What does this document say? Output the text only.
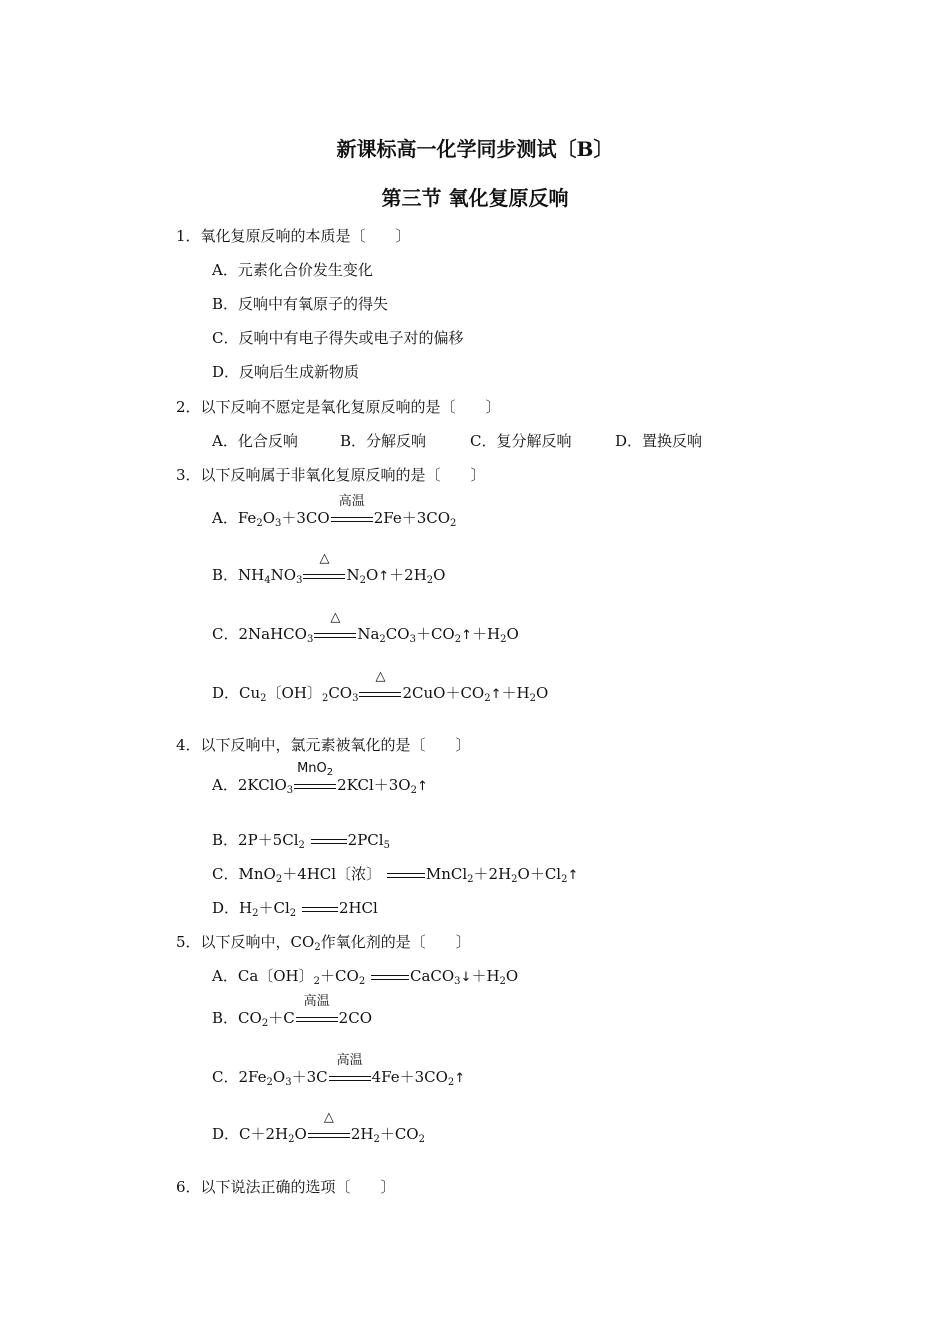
新课标高一化学同步测试〔B〕
第三节 氧化复原反响
1．氧化复原反响的本质是〔　　〕
A．元素化合价发生变化
B．反响中有氧原子的得失
C．反响中有电子得失或电子对的偏移
D．反响后生成新物质
2．以下反响不愿定是氧化复原反响的是〔　　〕
A．化合反响	B．分解反响	C．复分解反响	D．置换反响
3．以下反响属于非氧化复原反响的是〔　　〕
A．$Fe_2O_3+3CO$
高温
$2Fe+3CO_2$
B．$NH_4NO_3$
△
$N_2O↑+2H_2O$
C．2NaHCO$_3$
△
$Na_2CO_3+CO_2↑+H_2O$
D．$Cu_2$〔OH〕$_2CO_3$
△
$2CuO+CO_2↑+H_2O$
4．以下反响中，氯元素被氧化的是〔　　〕
A．2KClO$_3$
MnO$_2$
$2KCl+3O_2↑$
B．$2P+5Cl_2$	2PCl$_5$
C．MnO$_2$＋4HCl〔浓〕	$MnCl_2+2H_2O+Cl_2↑$
D．$H_2+Cl_2$	2HCl
5．以下反响中，$CO_2$作氧化剂的是〔　　〕
A．Ca〔OH〕$_2+CO_2$	$CaCO_3↓+H_2O$
B．$CO_2+C$
高温
2CO
C．$2Fe_2O_3+3C$
高温
$4Fe+3CO_2↑$
D．$C+2H_2O$
△
$2H_2+CO_2$
6．以下说法正确的选项〔　　〕
